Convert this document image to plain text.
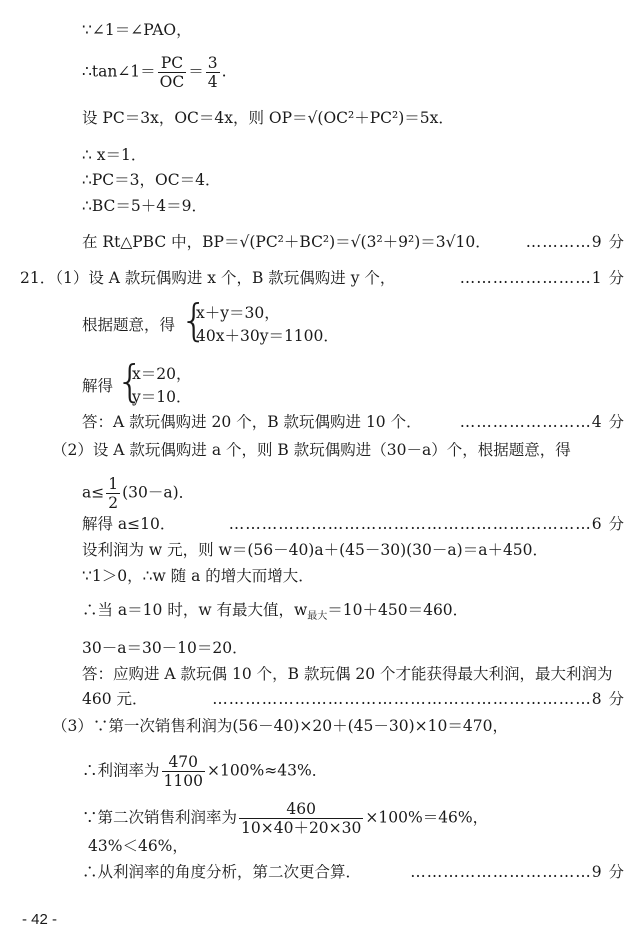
∵∠1＝∠PAO，
∴tan∠1＝ $\frac{PC}{OC} = \frac{3}{4}$ .
设 PC＝3x，OC＝4x，则 OP＝√(OC²＋PC²)＝5x．
∴ x＝1．
∴PC＝3，OC＝4．
∴BC＝5＋4＝9．
在 Rt△PBC 中，BP＝√(PC²＋BC²)＝√(3²＋9²)＝3√10．	…………9 分
21．（1）设 A 款玩偶购进 x 个，B 款玩偶购进 y 个，	……………………1 分
根据题意，得 {
x＋y＝30，
40x＋30y＝1100．
解得 {
x＝20，
y＝10．
答：A 款玩偶购进 20 个，B 款玩偶购进 10 个．	……………………4 分
（2）设 A 款玩偶购进 a 个，则 B 款玩偶购进（30－a）个，根据题意，得
$a\le \frac{1}{2} (30-a)$．
解得 a≤10．	…………………………………………………………6 分
设利润为 w 元，则 w＝(56－40)a＋(45－30)(30－a)＝a＋450．
∵1＞0，∴w 随 a 的增大而增大．
∴当 a＝10 时，w 有最大值，$w_{最大}=10+450=460$．
30－a＝30－10＝20．
答：应购进 A 款玩偶 10 个，B 款玩偶 20 个才能获得最大利润，最大利润为
460 元．	……………………………………………………………8 分
（3）∵第一次销售利润为(56－40)×20＋(45－30)×10＝470，
∴利润率为 $\frac{470}{1100} \times 100\%\approx 43\%$．
∵第二次销售利润率为 $\frac{460}{10\times 40+20\times 30} \times 100\%=46\%$，
43%＜46%，
∴从利润率的角度分析，第二次更合算．	……………………………9 分
- 42 -
